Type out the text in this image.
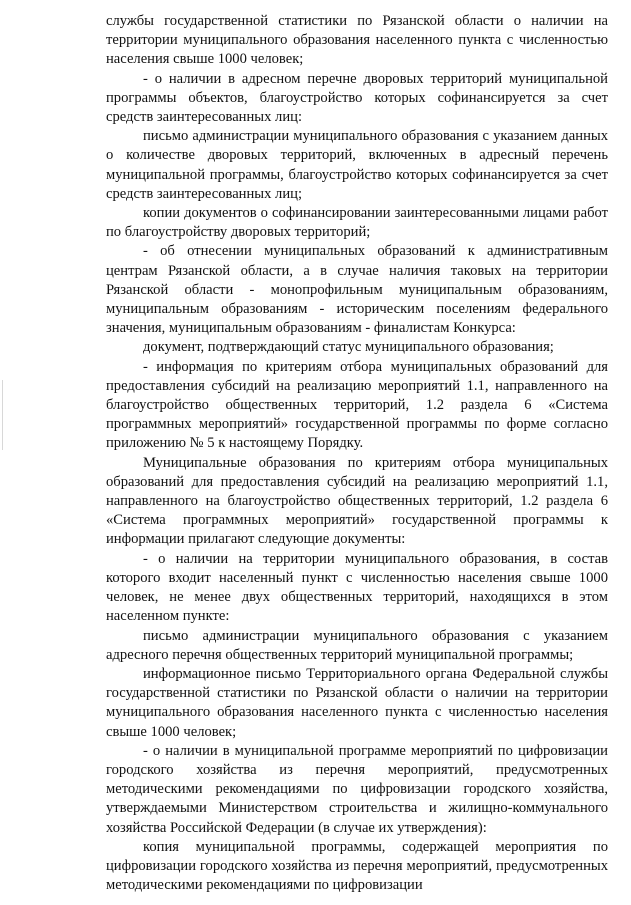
службы государственной статистики по Рязанской области о наличии на территории муниципального образования населенного пункта с численностью населения свыше 1000 человек;

- о наличии в адресном перечне дворовых территорий муниципальной программы объектов, благоустройство которых софинансируется за счет средств заинтересованных лиц:

письмо администрации муниципального образования с указанием данных о количестве дворовых территорий, включенных в адресный перечень муниципальной программы, благоустройство которых софинансируется за счет средств заинтересованных лиц;

копии документов о софинансировании заинтересованными лицами работ по благоустройству дворовых территорий;

- об отнесении муниципальных образований к административным центрам Рязанской области, а в случае наличия таковых на территории Рязанской области - монопрофильным муниципальным образованиям, муниципальным образованиям - историческим поселениям федерального значения, муниципальным образованиям - финалистам Конкурса:

документ, подтверждающий статус муниципального образования;

- информация по критериям отбора муниципальных образований для предоставления субсидий на реализацию мероприятий 1.1, направленного на благоустройство общественных территорий, 1.2 раздела 6 «Система программных мероприятий» государственной программы по форме согласно приложению № 5 к настоящему Порядку.

Муниципальные образования по критериям отбора муниципальных образований для предоставления субсидий на реализацию мероприятий 1.1, направленного на благоустройство общественных территорий, 1.2 раздела 6 «Система программных мероприятий» государственной программы к информации прилагают следующие документы:

- о наличии на территории муниципального образования, в состав которого входит населенный пункт с численностью населения свыше 1000 человек, не менее двух общественных территорий, находящихся в этом населенном пункте:

письмо администрации муниципального образования с указанием адресного перечня общественных территорий муниципальной программы;

информационное письмо Территориального органа Федеральной службы государственной статистики по Рязанской области о наличии на территории муниципального образования населенного пункта с численностью населения свыше 1000 человек;

- о наличии в муниципальной программе мероприятий по цифровизации городского хозяйства из перечня мероприятий, предусмотренных методическими рекомендациями по цифровизации городского хозяйства, утверждаемыми Министерством строительства и жилищно-коммунального хозяйства Российской Федерации (в случае их утверждения):

копия муниципальной программы, содержащей мероприятия по цифровизации городского хозяйства из перечня мероприятий, предусмотренных методическими рекомендациями по цифровизации
